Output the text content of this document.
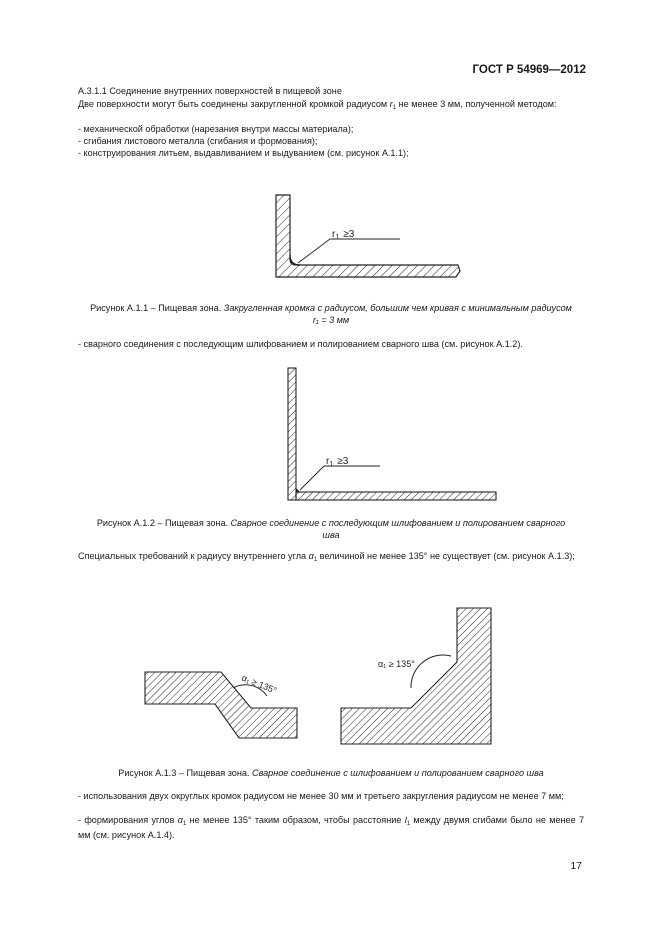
ГОСТ Р 54969—2012
А.3.1.1 Соединение внутренних поверхностей в пищевой зоне
Две поверхности могут быть соединены закругленной кромкой радиусом $r_1$ не менее 3 мм, полученной методом:
- механической обработки (нарезания внутри массы материала);
- сгибания листового металла (сгибания и формования);
- конструирования литьем, выдавливанием и выдуванием (см. рисунок А.1.1);
$r_1 \ge 3$
Рисунок А.1.1 – Пищевая зона. Закругленная кромка с радиусом, большим чем кривая с минимальным радиусом
r₁ = 3 мм
- сварного соединения с последующим шлифованием и полированием сварного шва (см. рисунок А.1.2).
$r_1 \ge 3$
Рисунок А.1.2 – Пищевая зона. Сварное соединение с последующим шлифованием и полированием сварного
шва
Специальных требований к радиусу внутреннего угла $\alpha_1$ величиной не менее 135° не существует (см. рисунок А.1.3);
α₁ ≥ 135°
α₁ ≥ 135°
Рисунок А.1.3 – Пищевая зона. Сварное соединение с шлифованием и полированием сварного шва
- использования двух округлых кромок радиусом не менее 30 мм и третьего закругления радиусом не менее 7 мм;
- формирования углов $\alpha_1$ не менее 135° таким образом, чтобы расстояние $l_1$ между двумя сгибами было не менее 7 мм (см. рисунок А.1.4).
17
